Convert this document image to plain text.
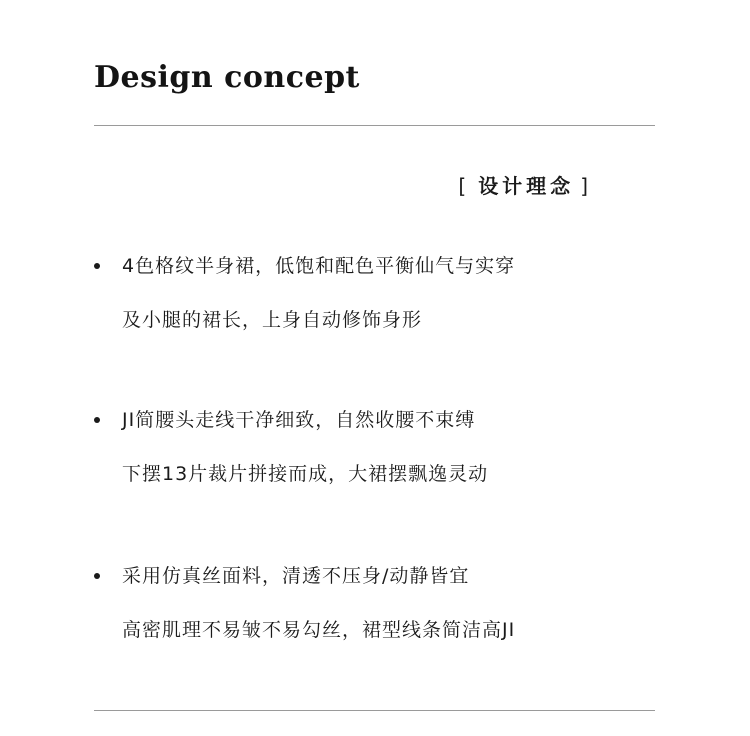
Design concept
[ 设计理念 ]
4色格纹半身裙，低饱和配色平衡仙气与实穿
及小腿的裙长，上身自动修饰身形
JI简腰头走线干净细致，自然收腰不束缚
下摆13片裁片拼接而成，大裙摆飘逸灵动
采用仿真丝面料，清透不压身/动静皆宜
高密肌理不易皱不易勾丝，裙型线条简洁高JI
